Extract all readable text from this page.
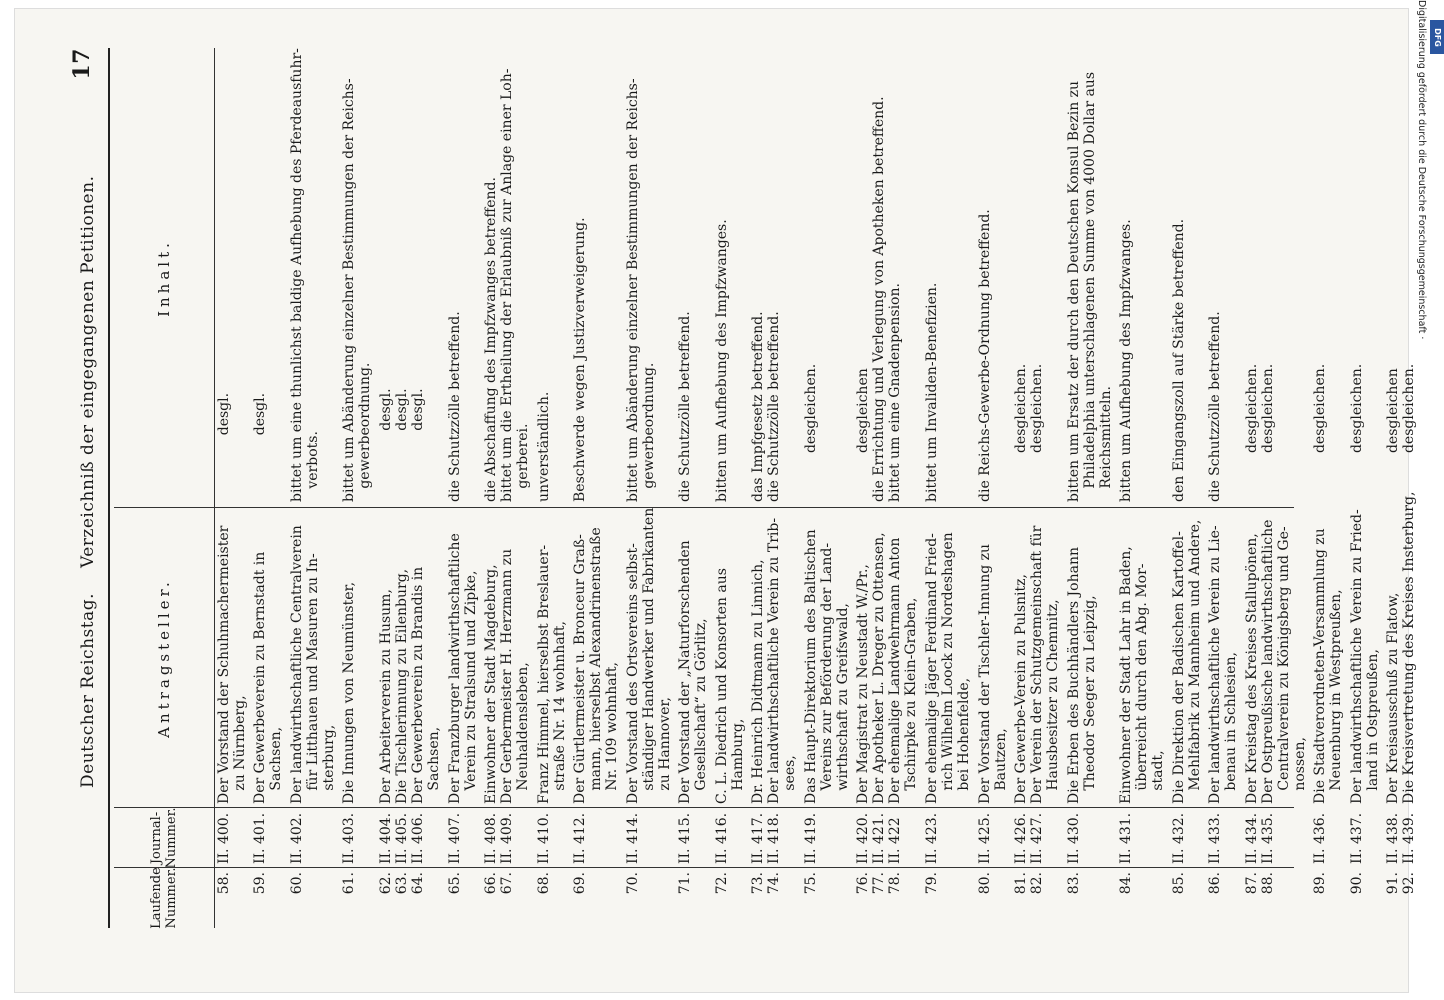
Deutscher Reichstag.
Verzeichniß der eingegangenen Petitionen.
17
Laufende Nummer.
Journal-Nummer.
Antragsteller.
Inhalt.
58.
II. 400.
Der Vorstand der Schuhmachermeister
zu Nürnberg,
desgl.
59.
II. 401.
Der Gewerbeverein zu Bernstadt in
Sachsen,
desgl.
60.
II. 402.
Der landwirthschaftliche Centralverein
für Litthauen und Masuren zu In-
sterburg,
bittet um eine thunlichst baldige Aufhebung des Pferdeausfuhr-
verbots.
61.
II. 403.
Die Innungen von Neumünster,
bittet um Abänderung einzelner Bestimmungen der Reichs-
gewerbeordnung.
62.
63.
64.
II. 404.
II. 405.
II. 406.
Der Arbeiterverein zu Husum,
Die Tischlerinnung zu Eilenburg,
Der Gewerbeverein zu Brandis in
Sachsen,
desgl.
desgl.
desgl.
65.
II. 407.
Der Franzburger landwirthschaftliche
Verein zu Stralsund und Zipke,
die Schutzzölle betreffend.
66.
67.
II. 408.
II. 409.
Einwohner der Stadt Magdeburg,
Der Gerbermeister H. Herzmann zu
Neuhaldensleben,
die Abschaffung des Impfzwanges betreffend.
bittet um die Ertheilung der Erlaubniß zur Anlage einer Loh-
gerberei.
68.
II. 410.
Franz Himmel, hierselbst Breslauer-
straße Nr. 14 wohnhaft,
unverständlich.
69.
II. 412.
Der Gürtlermeister u. Bronceur Graß-
mann, hierselbst Alexandrinenstraße
Nr. 109 wohnhaft,
Beschwerde wegen Justizverweigerung.
70.
II. 414.
Der Vorstand des Ortsvereins selbst-
ständiger Handwerker und Fabrikanten
zu Hannover,
bittet um Abänderung einzelner Bestimmungen der Reichs-
gewerbeordnung.
71.
II. 415.
Der Vorstand der „Naturforschenden
Gesellschaft“ zu Görlitz,
die Schutzzölle betreffend.
72.
II. 416.
C. L. Diedrich und Konsorten aus
Hamburg,
bitten um Aufhebung des Impfzwanges.
73.
74.
II. 417.
II. 418.
Dr. Heinrich Didtmann zu Linnich,
Der landwirthschaftliche Verein zu Trib-
sees,
das Impfgesetz betreffend.
die Schutzzölle betreffend.
75.
II. 419.
Das Haupt-Direktorium des Baltischen
Vereins zur Beförderung der Land-
wirthschaft zu Greifswald,
desgleichen.
76.
77.
78.
II. 420.
II. 421.
II. 422
Der Magistrat zu Neustadt W./Pr.,
Der Apotheker L. Dreger zu Ottensen,
Der ehemalige Landwehrmann Anton
Tschirpke zu Klein-Graben,
desgleichen
die Errichtung und Verlegung von Apotheken betreffend.
bittet um eine Gnadenpension.
79.
II. 423.
Der ehemalige Jäger Ferdinand Fried-
rich Wilhelm Loock zu Nordeshagen
bei Hohenfelde,
bittet um Invaliden-Benefizien.
80.
II. 425.
Der Vorstand der Tischler-Innung zu
Bautzen,
die Reichs-Gewerbe-Ordnung betreffend.
81.
82.
II. 426.
II. 427.
Der Gewerbe-Verein zu Pulsnitz,
Der Verein der Schutzgemeinschaft für
Hausbesitzer zu Chemnitz,
desgleichen.
desgleichen.
83.
II. 430.
Die Erben des Buchhändlers Johann
Theodor Seeger zu Leipzig,
bitten um Ersatz der durch den Deutschen Konsul Bezin zu
Philadelphia unterschlagenen Summe von 4000 Dollar aus
Reichsmitteln.
84.
II. 431.
Einwohner der Stadt Lahr in Baden,
überreicht durch den Abg. Mor-
stadt,
bitten um Aufhebung des Impfzwanges.
85.
II. 432.
Die Direktion der Badischen Kartoffel-
Mehlfabrik zu Mannheim und Andere,
den Eingangszoll auf Stärke betreffend.
86.
II. 433.
Der landwirthschaftliche Verein zu Lie-
benau in Schlesien,
die Schutzzölle betreffend.
87.
88.
II. 434.
II. 435.
Der Kreistag des Kreises Stallupönen,
Der Ostpreußische landwirthschaftliche
Centralverein zu Königsberg und Ge-
nossen,
desgleichen.
desgleichen.
89.
II. 436.
Die Stadtverordneten-Versammlung zu
Neuenburg in Westpreußen,
desgleichen.
90.
II. 437.
Der landwirthschaftliche Verein zu Fried-
land in Ostpreußen,
desgleichen.
91.
92.
II. 438.
II. 439.
Der Kreisausschuß zu Flatow,
Die Kreisvertretung des Kreises Insterburg,
desgleichen
desgleichen.
DFG
Digitalisierung gefördert durch die Deutsche Forschungsgemeinschaft ·
